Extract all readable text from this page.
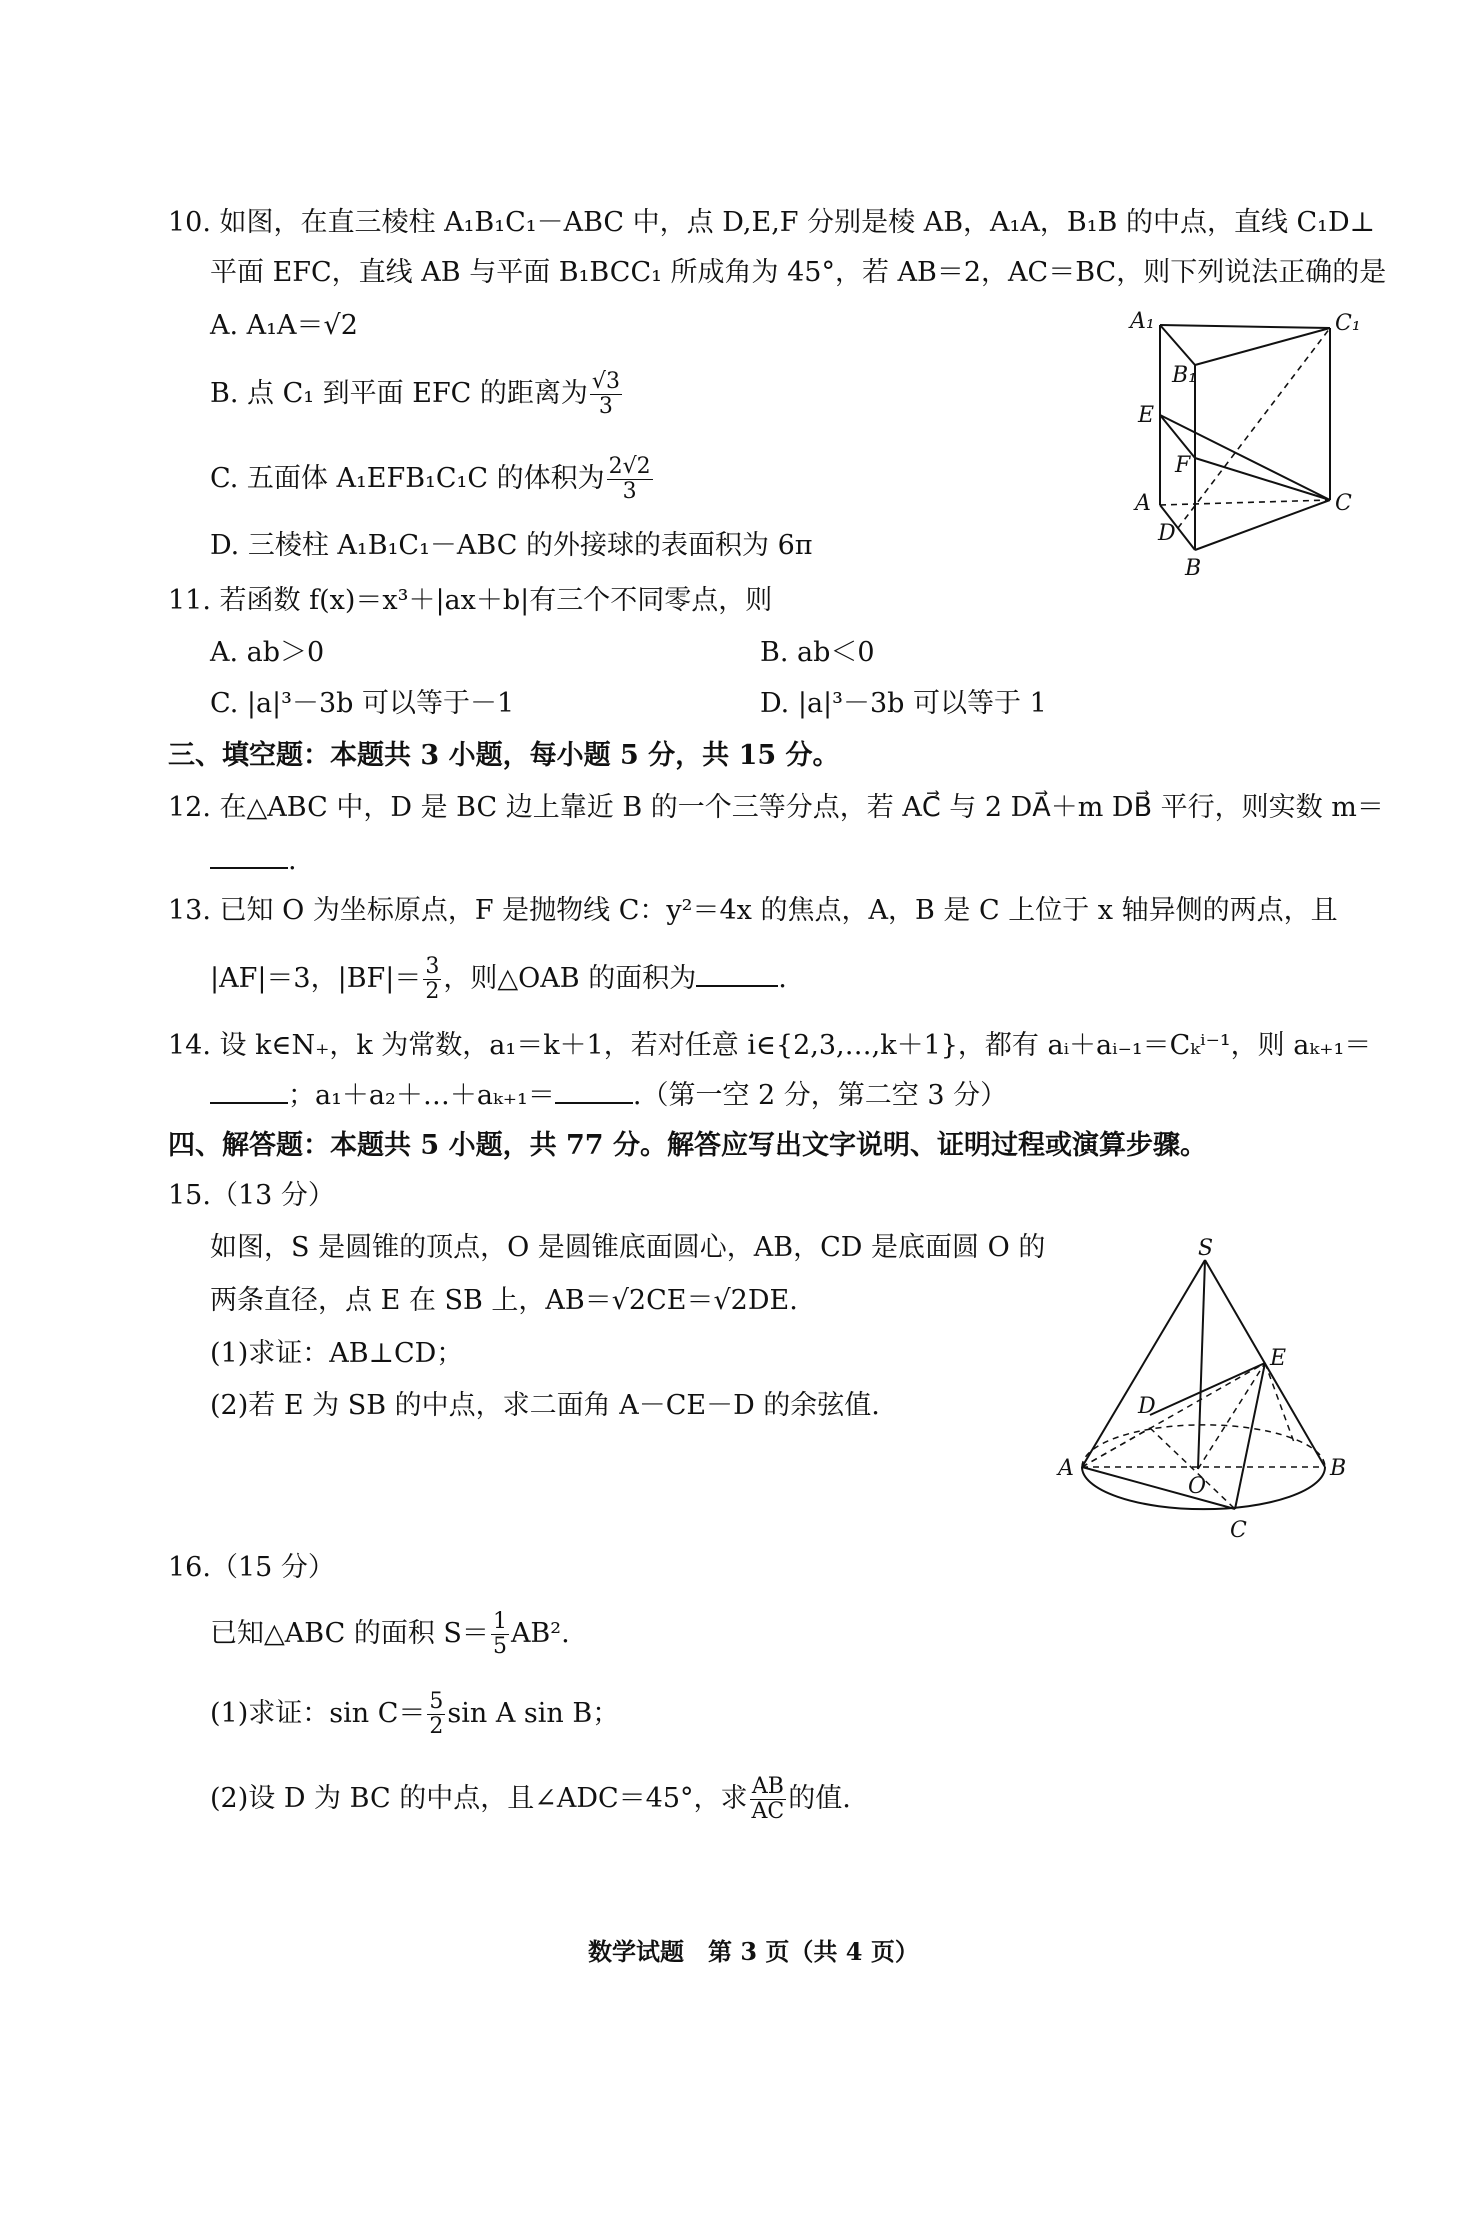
10. 如图，在直三棱柱 A₁B₁C₁－ABC 中，点 D,E,F 分别是棱 AB，A₁A，B₁B 的中点，直线 C₁D⊥
平面 EFC，直线 AB 与平面 B₁BCC₁ 所成角为 45°，若 AB＝2，AC＝BC，则下列说法正确的是
A. A₁A＝√2
B. 点 C₁ 到平面 EFC 的距离为 $\frac{√3}{3}$
C. 五面体 A₁EFB₁C₁C 的体积为 $\frac{2√2}{3}$
D. 三棱柱 A₁B₁C₁－ABC 的外接球的表面积为 6π
A₁	C₁
B₁
E
F
A	C
D
B
11. 若函数 f(x)＝x³＋|ax＋b|有三个不同零点，则
A. ab＞0	B. ab＜0
C. |a|³－3b 可以等于－1	D. |a|³－3b 可以等于 1
三、填空题：本题共 3 小题，每小题 5 分，共 15 分。
12. 在△ABC 中，D 是 BC 边上靠近 B 的一个三等分点，若 AC⃗ 与 2 DA⃗＋m DB⃗ 平行，则实数 m＝
.
13. 已知 O 为坐标原点，F 是抛物线 C：y²＝4x 的焦点，A，B 是 C 上位于 x 轴异侧的两点，且
|AF|＝3，$|BF|= \frac{3}{2}$ ，则△OAB 的面积为	.
14. 设 k∈N₊，k 为常数，a₁＝k＋1，若对任意 i∈{2,3,…,k＋1}，都有 aᵢ＋aᵢ₋₁＝Cₖⁱ⁻¹，则 aₖ₊₁＝
；a₁＋a₂＋…＋aₖ₊₁＝	.（第一空 2 分，第二空 3 分）
四、解答题：本题共 5 小题，共 77 分。解答应写出文字说明、证明过程或演算步骤。
15.（13 分）
如图，S 是圆锥的顶点，O 是圆锥底面圆心，AB，CD 是底面圆 O 的
两条直径，点 E 在 SB 上，AB＝√2CE＝√2DE.
(1)求证：AB⊥CD；
(2)若 E 为 SB 的中点，求二面角 A－CE－D 的余弦值.
S
E
D
A
O
B
C
16.（15 分）
已知△ABC 的面积 $S= \frac{1}{5} AB^2$.
(1)求证：$\sin C= \frac{5}{2}$ sin A sin B；
(2)设 D 为 BC 的中点，且∠ADC＝45°，求 $\frac{AB}{AC}$ 的值.
数学试题　第 3 页（共 4 页）
